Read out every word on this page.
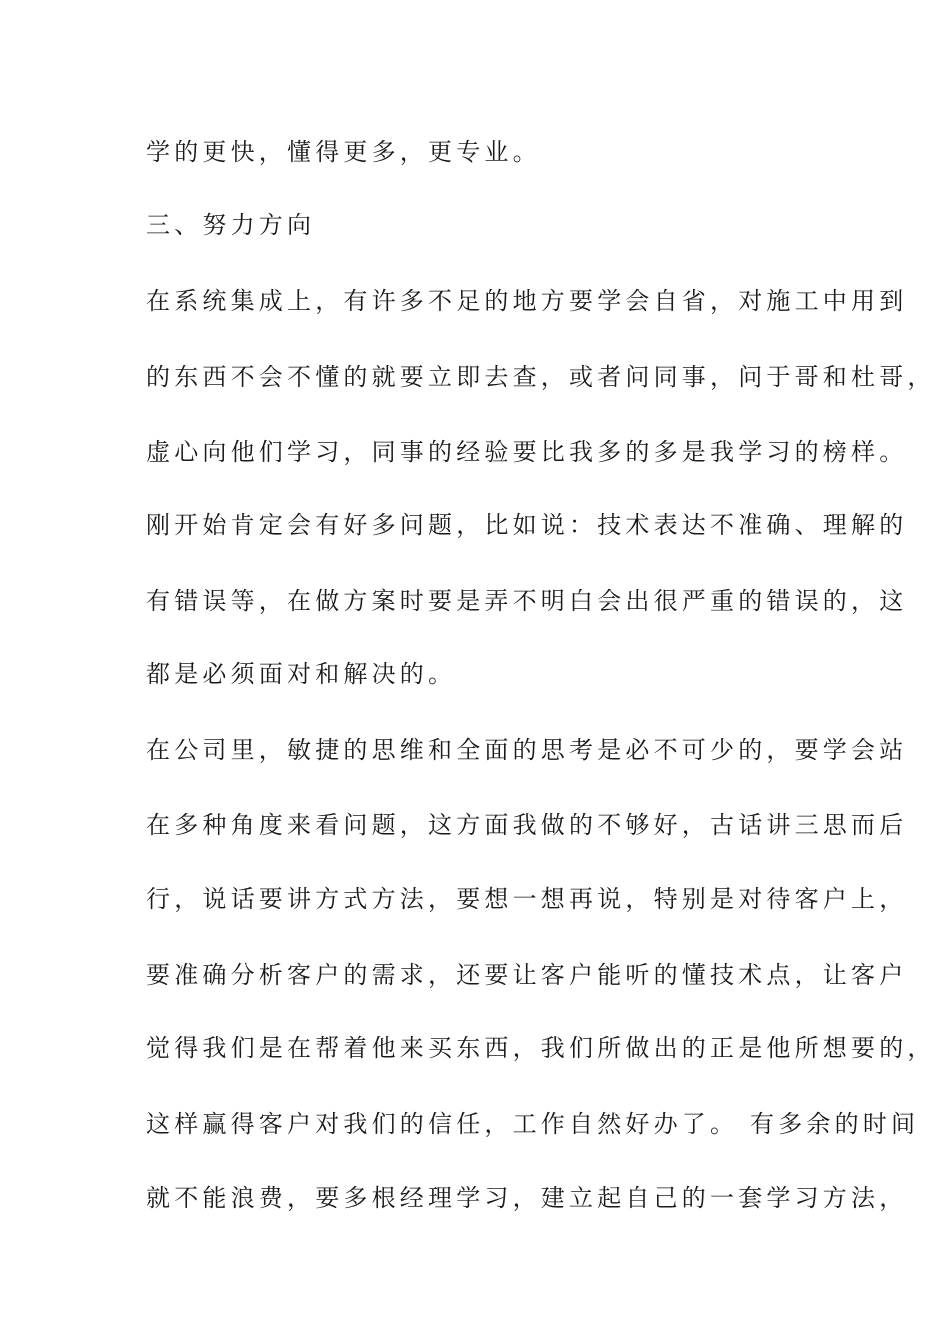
学的更快，懂得更多，更专业。
三、努力方向
在系统集成上，有许多不足的地方要学会自省，对施工中用到
的东西不会不懂的就要立即去查，或者问同事，问于哥和杜哥，
虚心向他们学习，同事的经验要比我多的多是我学习的榜样。
刚开始肯定会有好多问题，比如说：技术表达不准确、理解的
有错误等，在做方案时要是弄不明白会出很严重的错误的，这
都是必须面对和解决的。
在公司里，敏捷的思维和全面的思考是必不可少的，要学会站
在多种角度来看问题，这方面我做的不够好，古话讲三思而后
行，说话要讲方式方法，要想一想再说，特别是对待客户上，
要准确分析客户的需求，还要让客户能听的懂技术点，让客户
觉得我们是在帮着他来买东西，我们所做出的正是他所想要的，
这样赢得客户对我们的信任，工作自然好办了。 有多余的时间
就不能浪费，要多根经理学习，建立起自己的一套学习方法，
